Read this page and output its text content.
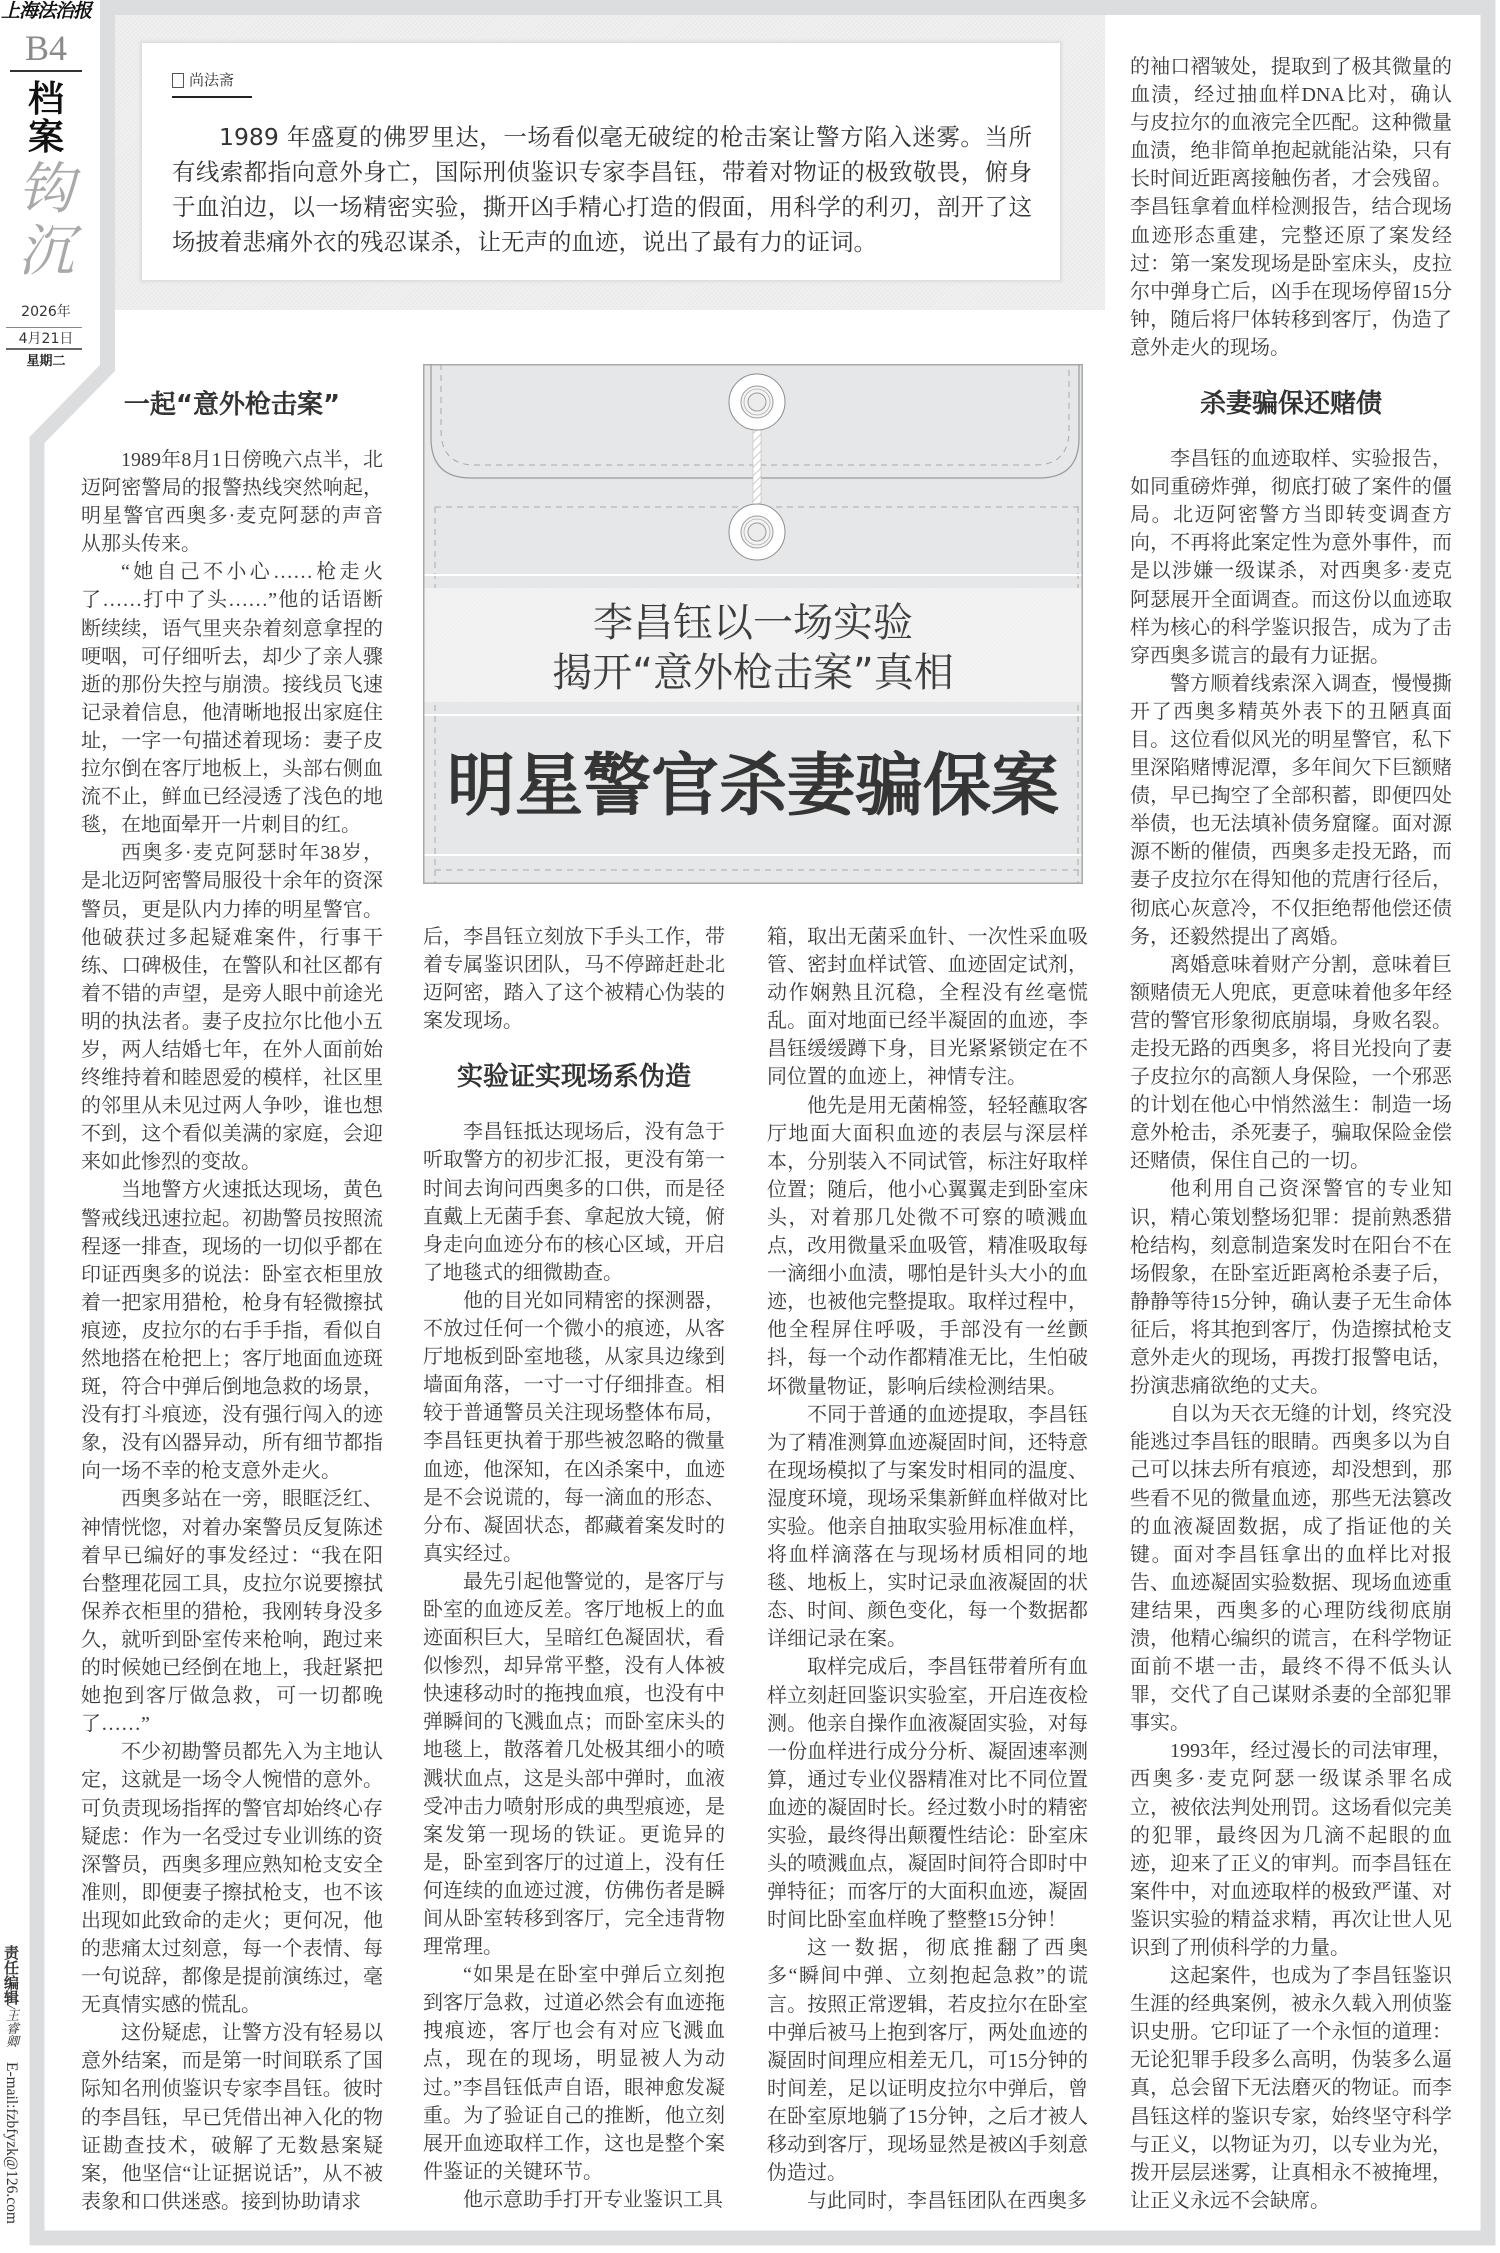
上海法治报
B4
档
案
钩
沉
2026年
4月21日
星期二
责任编辑/王睿卿E-mail:fzbfyzk@126.com
尚法斋

1989 年盛夏的佛罗里达，一场看似毫无破绽的枪击案让警方陷入迷雾。当所有线索都指向意外身亡，国际刑侦鉴识专家李昌钰，带着对物证的极致敬畏，俯身于血泊边，以一场精密实验，撕开凶手精心打造的假面，用科学的利刃，剖开了这场披着悲痛外衣的残忍谋杀，让无声的血迹，说出了最有力的证词。

李昌钰以一场实验
揭开“意外枪击案”真相
明星警官杀妻骗保案
一起“意外枪击案”

1989年8月1日傍晚六点半，北迈阿密警局的报警热线突然响起，明星警官西奥多·麦克阿瑟的声音从那头传来。

“她自己不小心……枪走火了……打中了头……”他的话语断断续续，语气里夹杂着刻意拿捏的哽咽，可仔细听去，却少了亲人骤逝的那份失控与崩溃。接线员飞速记录着信息，他清晰地报出家庭住址，一字一句描述着现场：妻子皮拉尔倒在客厅地板上，头部右侧血流不止，鲜血已经浸透了浅色的地毯，在地面晕开一片刺目的红。

西奥多·麦克阿瑟时年38岁，是北迈阿密警局服役十余年的资深警员，更是队内力捧的明星警官。他破获过多起疑难案件，行事干练、口碑极佳，在警队和社区都有着不错的声望，是旁人眼中前途光明的执法者。妻子皮拉尔比他小五岁，两人结婚七年，在外人面前始终维持着和睦恩爱的模样，社区里的邻里从未见过两人争吵，谁也想不到，这个看似美满的家庭，会迎来如此惨烈的变故。

当地警方火速抵达现场，黄色警戒线迅速拉起。初勘警员按照流程逐一排查，现场的一切似乎都在印证西奥多的说法：卧室衣柜里放着一把家用猎枪，枪身有轻微擦拭痕迹，皮拉尔的右手手指，看似自然地搭在枪把上；客厅地面血迹斑斑，符合中弹后倒地急救的场景，没有打斗痕迹，没有强行闯入的迹象，没有凶器异动，所有细节都指向一场不幸的枪支意外走火。

西奥多站在一旁，眼眶泛红、神情恍惚，对着办案警员反复陈述着早已编好的事发经过：“我在阳台整理花园工具，皮拉尔说要擦拭保养衣柜里的猎枪，我刚转身没多久，就听到卧室传来枪响，跑过来的时候她已经倒在地上，我赶紧把她抱到客厅做急救，可一切都晚了……”

不少初勘警员都先入为主地认定，这就是一场令人惋惜的意外。可负责现场指挥的警官却始终心存疑虑：作为一名受过专业训练的资深警员，西奥多理应熟知枪支安全准则，即便妻子擦拭枪支，也不该出现如此致命的走火；更何况，他的悲痛太过刻意，每一个表情、每一句说辞，都像是提前演练过，毫无真情实感的慌乱。

这份疑虑，让警方没有轻易以意外结案，而是第一时间联系了国际知名刑侦鉴识专家李昌钰。彼时的李昌钰，早已凭借出神入化的物证勘查技术，破解了无数悬案疑案，他坚信“让证据说话”，从不被表象和口供迷惑。接到协助请求

后，李昌钰立刻放下手头工作，带着专属鉴识团队，马不停蹄赶赴北迈阿密，踏入了这个被精心伪装的案发现场。

实验证实现场系伪造

李昌钰抵达现场后，没有急于听取警方的初步汇报，更没有第一时间去询问西奥多的口供，而是径直戴上无菌手套、拿起放大镜，俯身走向血迹分布的核心区域，开启了地毯式的细微勘查。

他的目光如同精密的探测器，不放过任何一个微小的痕迹，从客厅地板到卧室地毯，从家具边缘到墙面角落，一寸一寸仔细排查。相较于普通警员关注现场整体布局，李昌钰更执着于那些被忽略的微量血迹，他深知，在凶杀案中，血迹是不会说谎的，每一滴血的形态、分布、凝固状态，都藏着案发时的真实经过。

最先引起他警觉的，是客厅与卧室的血迹反差。客厅地板上的血迹面积巨大，呈暗红色凝固状，看似惨烈，却异常平整，没有人体被快速移动时的拖拽血痕，也没有中弹瞬间的飞溅血点；而卧室床头的地毯上，散落着几处极其细小的喷溅状血点，这是头部中弹时，血液受冲击力喷射形成的典型痕迹，是案发第一现场的铁证。更诡异的是，卧室到客厅的过道上，没有任何连续的血迹过渡，仿佛伤者是瞬间从卧室转移到客厅，完全违背物理常理。

“如果是在卧室中弹后立刻抱到客厅急救，过道必然会有血迹拖拽痕迹，客厅也会有对应飞溅血点，现在的现场，明显被人为动过。”李昌钰低声自语，眼神愈发凝重。为了验证自己的推断，他立刻展开血迹取样工作，这也是整个案件鉴证的关键环节。

他示意助手打开专业鉴识工具

箱，取出无菌采血针、一次性采血吸管、密封血样试管、血迹固定试剂，动作娴熟且沉稳，全程没有丝毫慌乱。面对地面已经半凝固的血迹，李昌钰缓缓蹲下身，目光紧紧锁定在不同位置的血迹上，神情专注。

他先是用无菌棉签，轻轻蘸取客厅地面大面积血迹的表层与深层样本，分别装入不同试管，标注好取样位置；随后，他小心翼翼走到卧室床头，对着那几处微不可察的喷溅血点，改用微量采血吸管，精准吸取每一滴细小血渍，哪怕是针头大小的血迹，也被他完整提取。取样过程中，他全程屏住呼吸，手部没有一丝颤抖，每一个动作都精准无比，生怕破坏微量物证，影响后续检测结果。

不同于普通的血迹提取，李昌钰为了精准测算血迹凝固时间，还特意在现场模拟了与案发时相同的温度、湿度环境，现场采集新鲜血样做对比实验。他亲自抽取实验用标准血样，将血样滴落在与现场材质相同的地毯、地板上，实时记录血液凝固的状态、时间、颜色变化，每一个数据都详细记录在案。

取样完成后，李昌钰带着所有血样立刻赶回鉴识实验室，开启连夜检测。他亲自操作血液凝固实验，对每一份血样进行成分分析、凝固速率测算，通过专业仪器精准对比不同位置血迹的凝固时长。经过数小时的精密实验，最终得出颠覆性结论：卧室床头的喷溅血点，凝固时间符合即时中弹特征；而客厅的大面积血迹，凝固时间比卧室血样晚了整整15分钟！

这一数据，彻底推翻了西奥多“瞬间中弹、立刻抱起急救”的谎言。按照正常逻辑，若皮拉尔在卧室中弹后被马上抱到客厅，两处血迹的凝固时间理应相差无几，可15分钟的时间差，足以证明皮拉尔中弹后，曾在卧室原地躺了15分钟，之后才被人移动到客厅，现场显然是被凶手刻意伪造过。

与此同时，李昌钰团队在西奥多

的袖口褶皱处，提取到了极其微量的血渍，经过抽血样DNA比对，确认与皮拉尔的血液完全匹配。这种微量血渍，绝非简单抱起就能沾染，只有长时间近距离接触伤者，才会残留。李昌钰拿着血样检测报告，结合现场血迹形态重建，完整还原了案发经过：第一案发现场是卧室床头，皮拉尔中弹身亡后，凶手在现场停留15分钟，随后将尸体转移到客厅，伪造了意外走火的现场。

杀妻骗保还赌债

李昌钰的血迹取样、实验报告，如同重磅炸弹，彻底打破了案件的僵局。北迈阿密警方当即转变调查方向，不再将此案定性为意外事件，而是以涉嫌一级谋杀，对西奥多·麦克阿瑟展开全面调查。而这份以血迹取样为核心的科学鉴识报告，成为了击穿西奥多谎言的最有力证据。

警方顺着线索深入调查，慢慢撕开了西奥多精英外表下的丑陋真面目。这位看似风光的明星警官，私下里深陷赌博泥潭，多年间欠下巨额赌债，早已掏空了全部积蓄，即便四处举债，也无法填补债务窟窿。面对源源不断的催债，西奥多走投无路，而妻子皮拉尔在得知他的荒唐行径后，彻底心灰意冷，不仅拒绝帮他偿还债务，还毅然提出了离婚。

离婚意味着财产分割，意味着巨额赌债无人兜底，更意味着他多年经营的警官形象彻底崩塌，身败名裂。走投无路的西奥多，将目光投向了妻子皮拉尔的高额人身保险，一个邪恶的计划在他心中悄然滋生：制造一场意外枪击，杀死妻子，骗取保险金偿还赌债，保住自己的一切。

他利用自己资深警官的专业知识，精心策划整场犯罪：提前熟悉猎枪结构，刻意制造案发时在阳台不在场假象，在卧室近距离枪杀妻子后，静静等待15分钟，确认妻子无生命体征后，将其抱到客厅，伪造擦拭枪支意外走火的现场，再拨打报警电话，扮演悲痛欲绝的丈夫。

自以为天衣无缝的计划，终究没能逃过李昌钰的眼睛。西奥多以为自己可以抹去所有痕迹，却没想到，那些看不见的微量血迹，那些无法篡改的血液凝固数据，成了指证他的关键。面对李昌钰拿出的血样比对报告、血迹凝固实验数据、现场血迹重建结果，西奥多的心理防线彻底崩溃，他精心编织的谎言，在科学物证面前不堪一击，最终不得不低头认罪，交代了自己谋财杀妻的全部犯罪事实。

1993年，经过漫长的司法审理，西奥多·麦克阿瑟一级谋杀罪名成立，被依法判处刑罚。这场看似完美的犯罪，最终因为几滴不起眼的血迹，迎来了正义的审判。而李昌钰在案件中，对血迹取样的极致严谨、对鉴识实验的精益求精，再次让世人见识到了刑侦科学的力量。

这起案件，也成为了李昌钰鉴识生涯的经典案例，被永久载入刑侦鉴识史册。它印证了一个永恒的道理：无论犯罪手段多么高明，伪装多么逼真，总会留下无法磨灭的物证。而李昌钰这样的鉴识专家，始终坚守科学与正义，以物证为刃，以专业为光，拨开层层迷雾，让真相永不被掩埋，让正义永远不会缺席。
